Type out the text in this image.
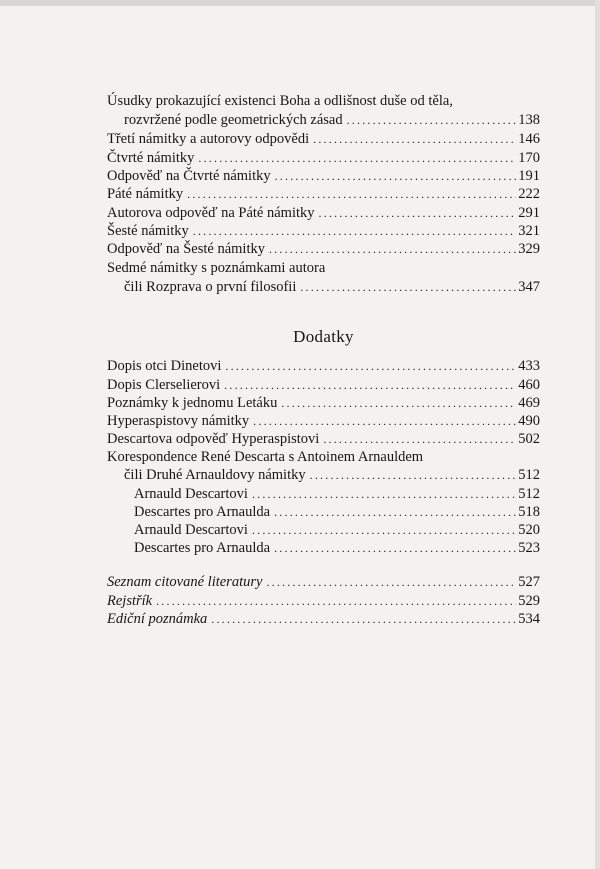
Úsudky prokazující existenci Boha a odlišnost duše od těla,
rozvržené podle geometrických zásad .....	138
Třetí námitky a autorovy odpovědi .....	146
Čtvrté námitky .....	170
Odpověď na Čtvrté námitky .....	191
Páté námitky .....	222
Autorova odpověď na Páté námitky .....	291
Šesté námitky .....	321
Odpověď na Šesté námitky .....	329
Sedmé námitky s poznámkami autora
čili Rozprava o první filosofii .....	347
Dodatky
Dopis otci Dinetovi .....	433
Dopis Clerselierovi .....	460
Poznámky k jednomu Letáku .....	469
Hyperaspistovy námitky .....	490
Descartova odpověď Hyperaspistovi .....	502
Korespondence René Descarta s Antoinem Arnauldem
čili Druhé Arnauldovy námitky .....	512
Arnauld Descartovi .....	512
Descartes pro Arnaulda .....	518
Arnauld Descartovi .....	520
Descartes pro Arnaulda .....	523
Seznam citované literatury .....	527
Rejstřík .....	529
Ediční poznámka .....	534
